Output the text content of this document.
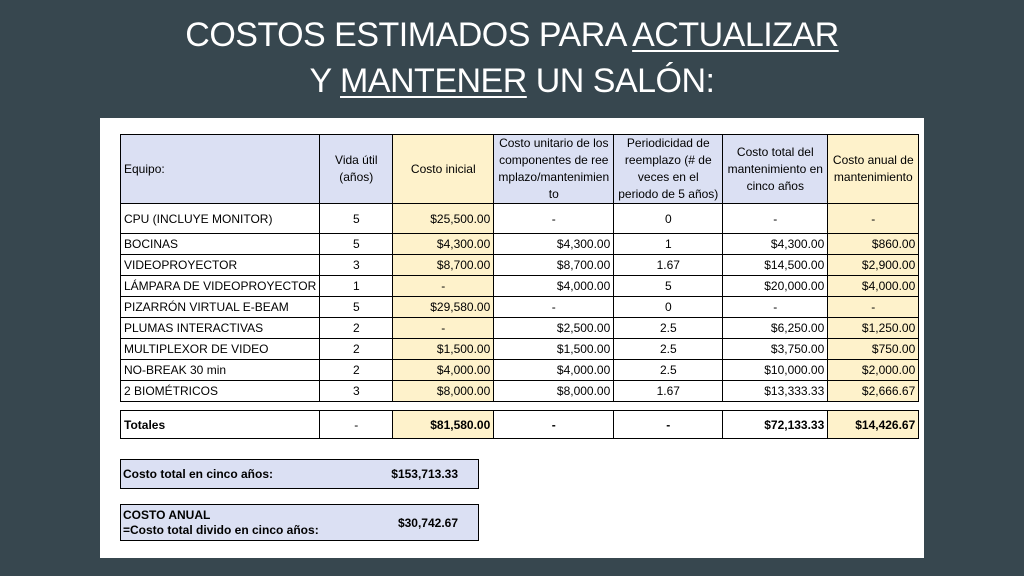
COSTOS ESTIMADOS PARA ACTUALIZAR
Y MANTENER UN SALÓN:
Equipo:	Vida útil (años)	Costo inicial	Costo unitario de los componentes de reemplazo/mantenimiento	Periodicidad de reemplazo (# de veces en el periodo de 5 años)	Costo total del mantenimiento en cinco años	Costo anual de mantenimiento
CPU (INCLUYE MONITOR)	5	$25,500.00	-	0	-	-
BOCINAS	5	$4,300.00	$4,300.00	1	$4,300.00	$860.00
VIDEOPROYECTOR	3	$8,700.00	$8,700.00	1.67	$14,500.00	$2,900.00
LÁMPARA DE VIDEOPROYECTOR	1	-	$4,000.00	5	$20,000.00	$4,000.00
PIZARRÓN VIRTUAL E-BEAM	5	$29,580.00	-	0	-	-
PLUMAS INTERACTIVAS	2	-	$2,500.00	2.5	$6,250.00	$1,250.00
MULTIPLEXOR DE VIDEO	2	$1,500.00	$1,500.00	2.5	$3,750.00	$750.00
NO-BREAK 30 min	2	$4,000.00	$4,000.00	2.5	$10,000.00	$2,000.00
2 BIOMÉTRICOS	3	$8,000.00	$8,000.00	1.67	$13,333.33	$2,666.67

Totales	-	$81,580.00	-	-	$72,133.33	$14,426.67
Costo total en cinco años:	$153,713.33
COSTO ANUAL
=Costo total divido en cinco años:	$30,742.67
